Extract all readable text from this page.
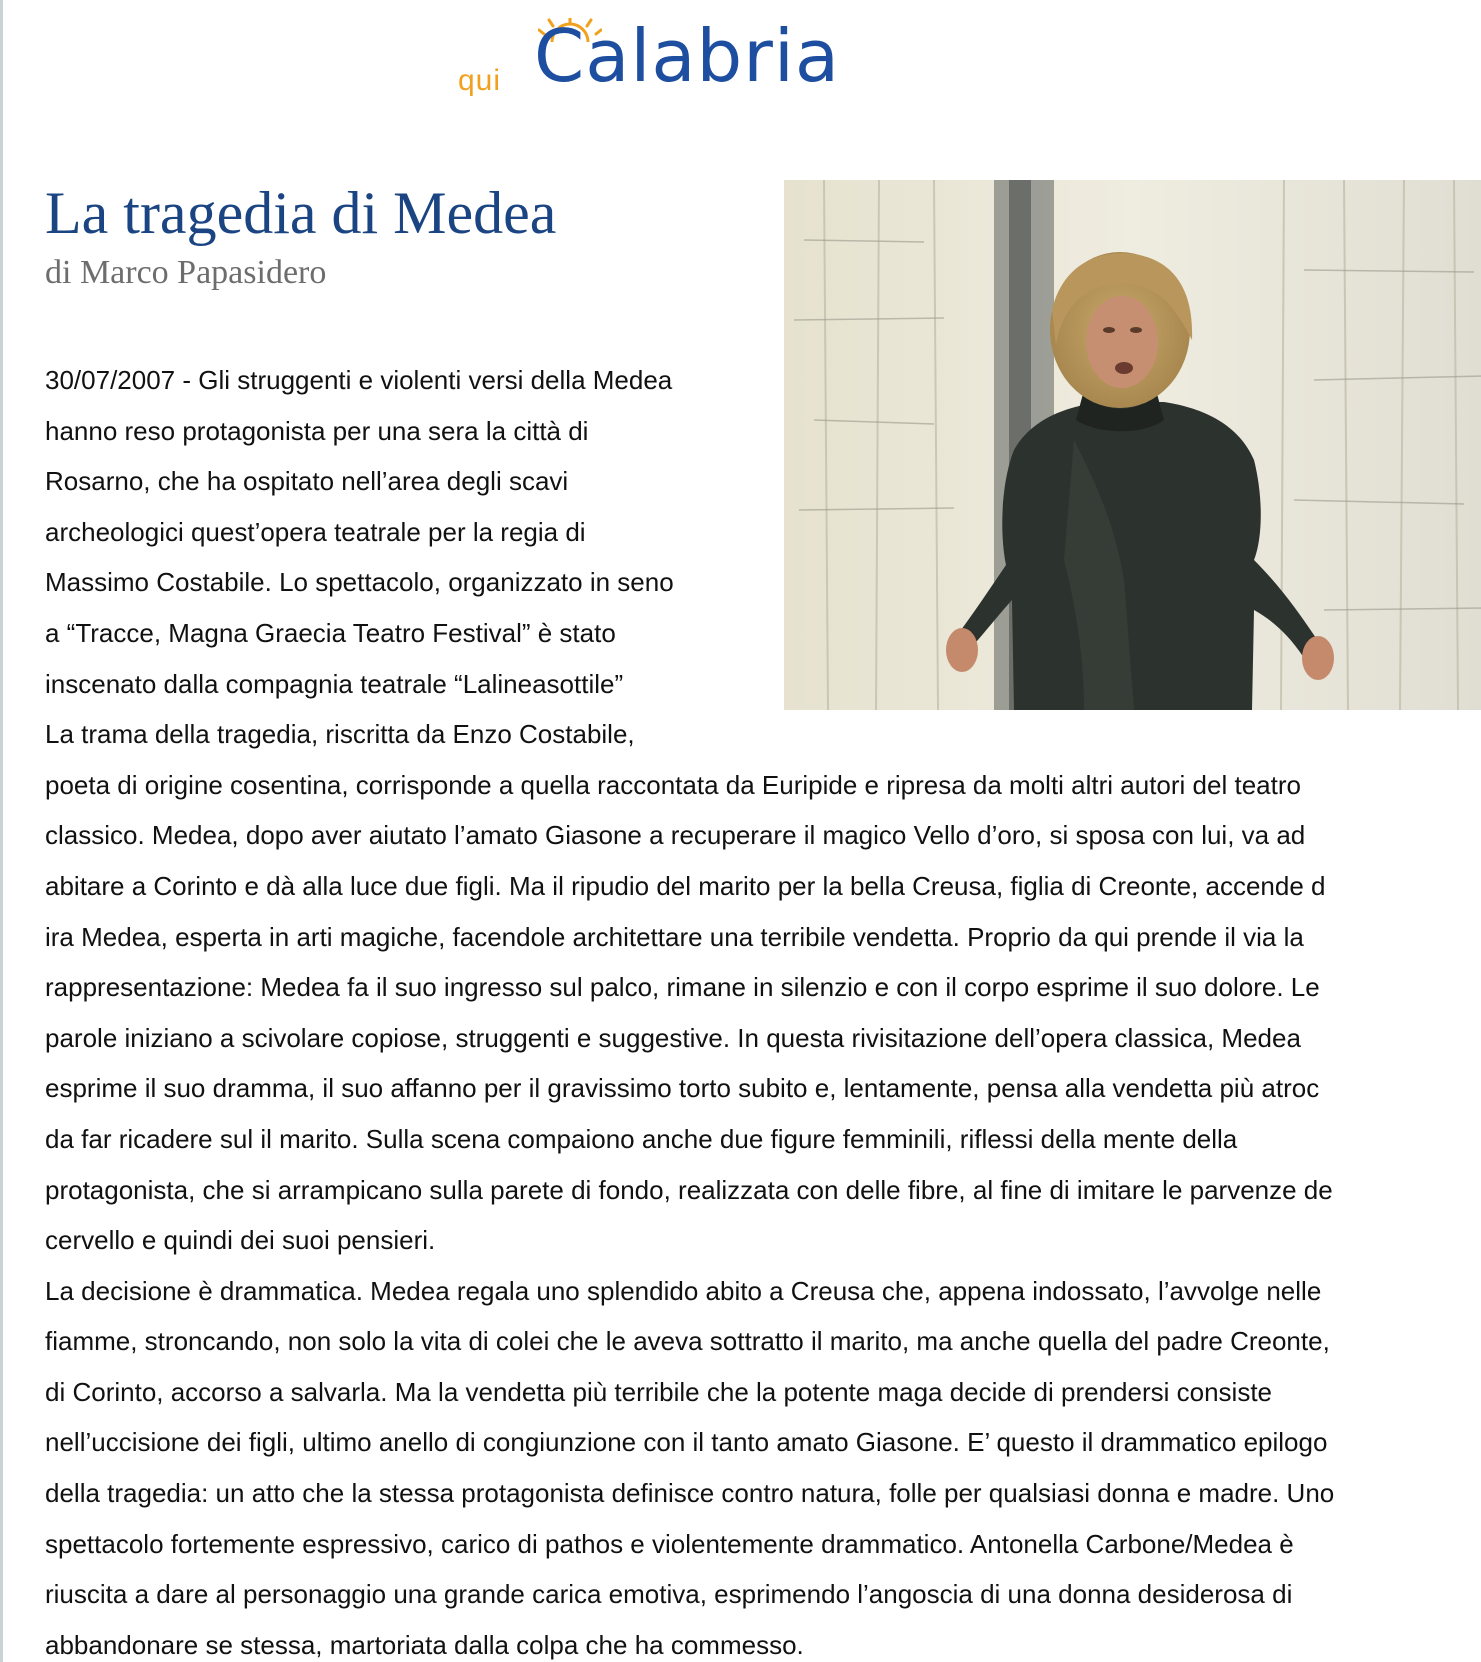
qui Calabria
La tragedia di Medea

di Marco Papasidero

30/07/2007 - Gli struggenti e violenti versi della Medea
hanno reso protagonista per una sera la città di
Rosarno, che ha ospitato nell’area degli scavi
archeologici quest’opera teatrale per la regia di
Massimo Costabile. Lo spettacolo, organizzato in seno
a “Tracce, Magna Graecia Teatro Festival” è stato
inscenato dalla compagnia teatrale “Lalineasottile”

La trama della tragedia, riscritta da Enzo Costabile,
poeta di origine cosentina, corrisponde a quella raccontata da Euripide e ripresa da molti altri autori del teatro
classico. Medea, dopo aver aiutato l’amato Giasone a recuperare il magico Vello d’oro, si sposa con lui, va ad
abitare a Corinto e dà alla luce due figli. Ma il ripudio del marito per la bella Creusa, figlia di Creonte, accende d
ira Medea, esperta in arti magiche, facendole architettare una terribile vendetta. Proprio da qui prende il via la
rappresentazione: Medea fa il suo ingresso sul palco, rimane in silenzio e con il corpo esprime il suo dolore. Le
parole iniziano a scivolare copiose, struggenti e suggestive. In questa rivisitazione dell’opera classica, Medea
esprime il suo dramma, il suo affanno per il gravissimo torto subito e, lentamente, pensa alla vendetta più atroc
da far ricadere sul il marito. Sulla scena compaiono anche due figure femminili, riflessi della mente della
protagonista, che si arrampicano sulla parete di fondo, realizzata con delle fibre, al fine di imitare le parvenze de
cervello e quindi dei suoi pensieri.

La decisione è drammatica. Medea regala uno splendido abito a Creusa che, appena indossato, l’avvolge nelle
fiamme, stroncando, non solo la vita di colei che le aveva sottratto il marito, ma anche quella del padre Creonte,
di Corinto, accorso a salvarla. Ma la vendetta più terribile che la potente maga decide di prendersi consiste
nell’uccisione dei figli, ultimo anello di congiunzione con il tanto amato Giasone. E’ questo il drammatico epilogo
della tragedia: un atto che la stessa protagonista definisce contro natura, folle per qualsiasi donna e madre. Uno
spettacolo fortemente espressivo, carico di pathos e violentemente drammatico. Antonella Carbone/Medea è
riuscita a dare al personaggio una grande carica emotiva, esprimendo l’angoscia di una donna desiderosa di
abbandonare se stessa, martoriata dalla colpa che ha commesso.
